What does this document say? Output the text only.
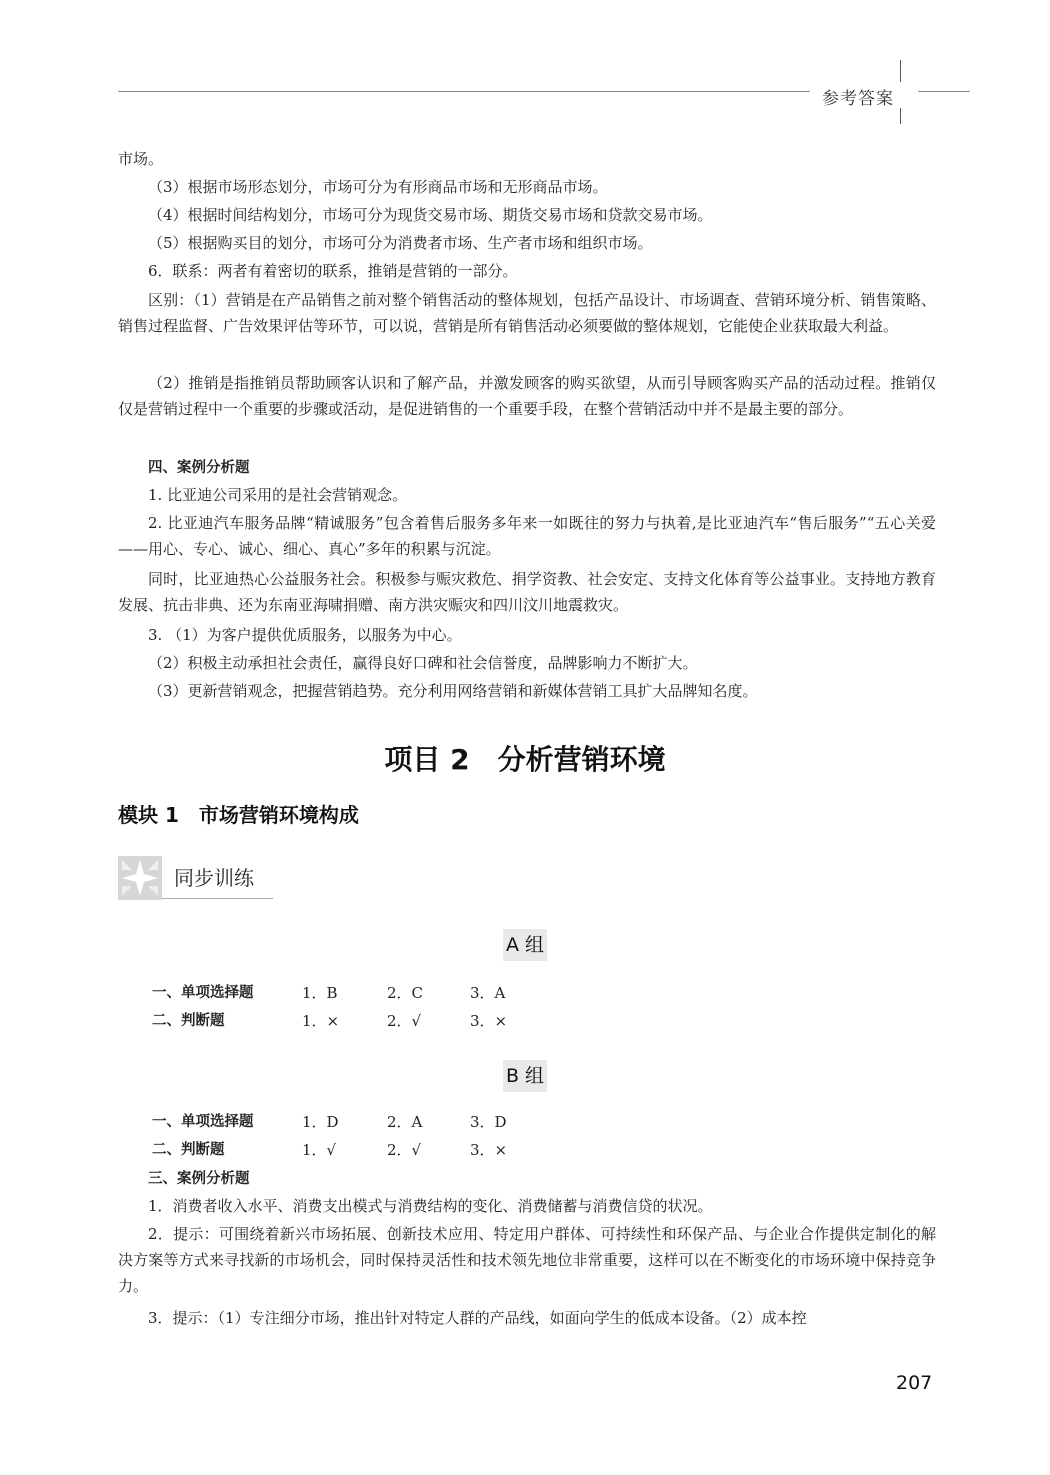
参考答案

市场。

（3）根据市场形态划分，市场可分为有形商品市场和无形商品市场。

（4）根据时间结构划分，市场可分为现货交易市场、期货交易市场和贷款交易市场。

（5）根据购买目的划分，市场可分为消费者市场、生产者市场和组织市场。

6．联系：两者有着密切的联系，推销是营销的一部分。

区别：（1）营销是在产品销售之前对整个销售活动的整体规划，包括产品设计、市场调查、营销环境分析、销售策略、销售过程监督、广告效果评估等环节，可以说，营销是所有销售活动必须要做的整体规划，它能使企业获取最大利益。

（2）推销是指推销员帮助顾客认识和了解产品，并激发顾客的购买欲望，从而引导顾客购买产品的活动过程。推销仅仅是营销过程中一个重要的步骤或活动，是促进销售的一个重要手段，在整个营销活动中并不是最主要的部分。

四、案例分析题

1. 比亚迪公司采用的是社会营销观念。

2. 比亚迪汽车服务品牌“精诚服务”包含着售后服务多年来一如既往的努力与执着,是比亚迪汽车“售后服务”“五心关爱——用心、专心、诚心、细心、真心”多年的积累与沉淀。

同时，比亚迪热心公益服务社会。积极参与赈灾救危、捐学资教、社会安定、支持文化体育等公益事业。支持地方教育发展、抗击非典、还为东南亚海啸捐赠、南方洪灾赈灾和四川汶川地震救灾。

3. （1）为客户提供优质服务，以服务为中心。

（2）积极主动承担社会责任，赢得良好口碑和社会信誉度，品牌影响力不断扩大。

（3）更新营销观念，把握营销趋势。充分利用网络营销和新媒体营销工具扩大品牌知名度。

项目 2　分析营销环境
模块 1　市场营销环境构成
同步训练
A 组
一、单项选择题	1．B	2．C	3．A
二、判断题	1．×	2．√	3．×
B 组
一、单项选择题	1．D	2．A	3．D
二、判断题	1．√	2．√	3．×

三、案例分析题

1．消费者收入水平、消费支出模式与消费结构的变化、消费储蓄与消费信贷的状况。

2．提示：可围绕着新兴市场拓展、创新技术应用、特定用户群体、可持续性和环保产品、与企业合作提供定制化的解决方案等方式来寻找新的市场机会，同时保持灵活性和技术领先地位非常重要，这样可以在不断变化的市场环境中保持竞争力。

3．提示：（1）专注细分市场，推出针对特定人群的产品线，如面向学生的低成本设备。（2）成本控

207
